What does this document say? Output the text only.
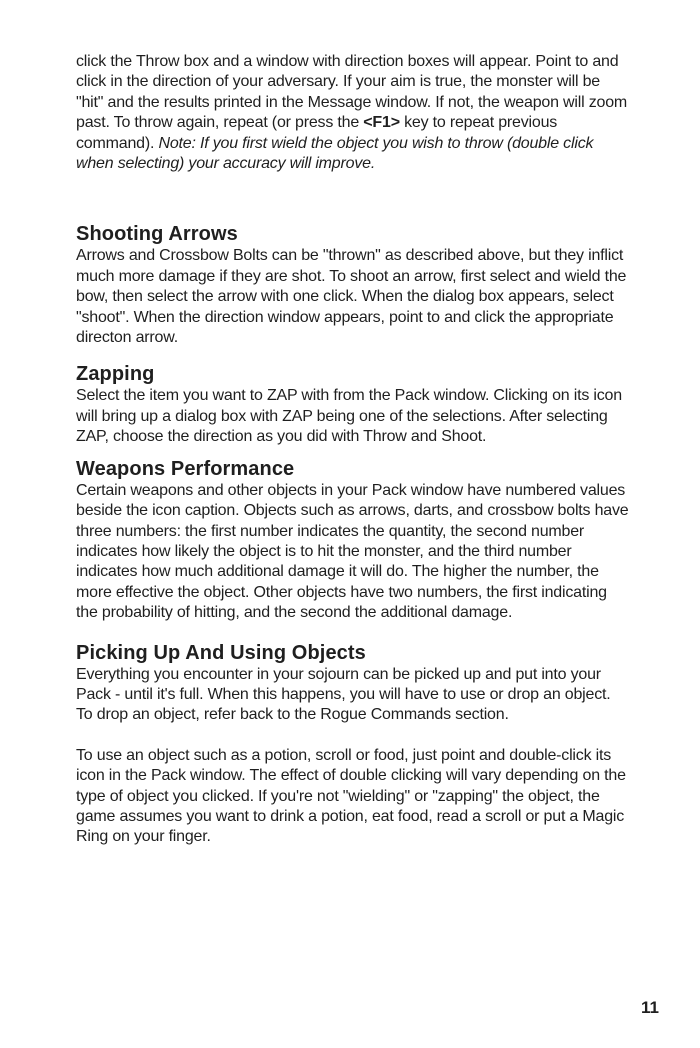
click the Throw box and a window with direction boxes will appear. Point to and click in the direction of your adversary. If your aim is true, the monster will be "hit" and the results printed in the Message window. If not, the weapon will zoom past. To throw again, repeat (or press the <F1> key to repeat previous command). Note: If you first wield the object you wish to throw (double click when selecting) your accuracy will improve.

Shooting Arrows

Arrows and Crossbow Bolts can be "thrown" as described above, but they inflict much more damage if they are shot. To shoot an arrow, first select and wield the bow, then select the arrow with one click. When the dialog box appears, select "shoot". When the direction window appears, point to and click the appropriate directon arrow.

Zapping

Select the item you want to ZAP with from the Pack window. Clicking on its icon will bring up a dialog box with ZAP being one of the selections. After selecting ZAP, choose the direction as you did with Throw and Shoot.

Weapons Performance

Certain weapons and other objects in your Pack window have numbered values beside the icon caption. Objects such as arrows, darts, and crossbow bolts have three numbers: the first number indicates the quantity, the second number indicates how likely the object is to hit the monster, and the third number indicates how much additional damage it will do. The higher the number, the more effective the object. Other objects have two numbers, the first indicating the probability of hitting, and the second the additional damage.

Picking Up And Using Objects

Everything you encounter in your sojourn can be picked up and put into your Pack - until it's full. When this happens, you will have to use or drop an object. To drop an object, refer back to the Rogue Commands section.

To use an object such as a potion, scroll or food, just point and double-click its icon in the Pack window. The effect of double clicking will vary depending on the type of object you clicked. If you're not "wielding" or "zapping" the object, the game assumes you want to drink a potion, eat food, read a scroll or put a Magic Ring on your finger.

11
